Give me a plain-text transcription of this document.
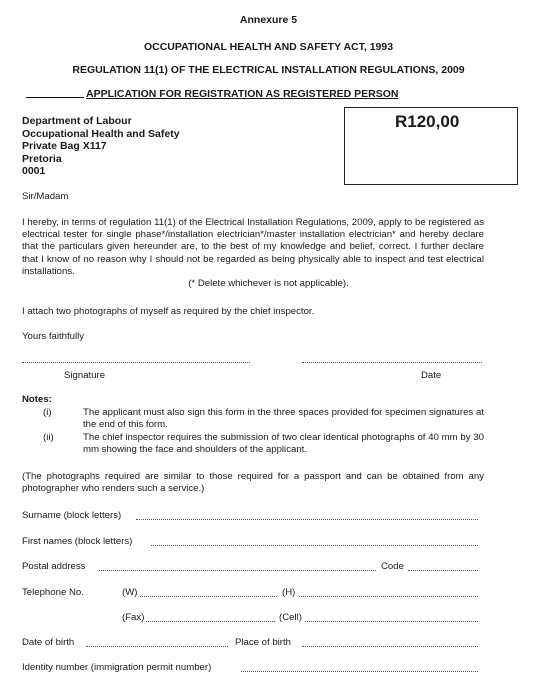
Annexure 5
OCCUPATIONAL HEALTH AND SAFETY ACT, 1993
REGULATION 11(1) OF THE ELECTRICAL INSTALLATION REGULATIONS, 2009
APPLICATION FOR REGISTRATION AS REGISTERED PERSON
Department of Labour
Occupational Health and Safety
Private Bag X117
Pretoria
0001
R120,00
Sir/Madam
I hereby, in terms of regulation 11(1) of the Electrical Installation Regulations, 2009, apply to be registered as electrical tester for single phase*/installation electrician*/master installation electrician* and hereby declare that the particulars given hereunder are, to the best of my knowledge and belief, correct. I further declare that I know of no reason why I should not be regarded as being physically able to inspect and test electrical installations.
(* Delete whichever is not applicable).
I attach two photographs of myself as required by the chief inspector.
Yours faithfully
Signature	Date
Notes:
(i)	The applicant must also sign this form in the three spaces provided for specimen signatures at the end of this form.
(ii)	The chief inspector requires the submission of two clear identical photographs of 40 mm by 30 mm showing the face and shoulders of the applicant.
(The photographs required are similar to those required for a passport and can be obtained from any photographer who renders such a service.)
Surname (block letters)
First names (block letters)
Postal address	Code
Telephone No.	(W)	(H)
(Fax)	(Cell)
Date of birth	Place of birth
Identity number (immigration permit number)
